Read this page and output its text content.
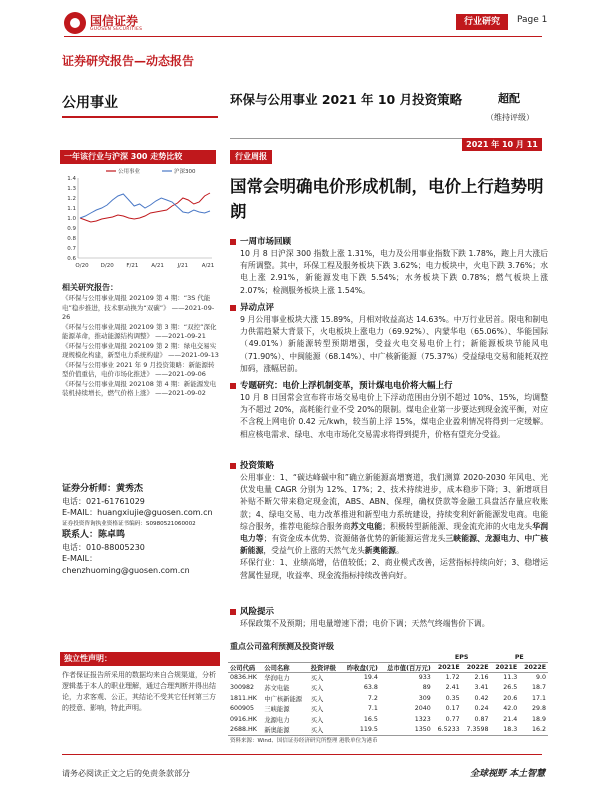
国信证券
GUOSEN SECURITIES
行业研究	Page 1
证券研究报告—动态报告
公用事业	环保与公用事业 2021 年 10 月投资策略	超配
（维持评级）
2021 年 10 月 11 日
一年该行业与沪深 300 走势比较
公用事业	沪深300
0.6
0.7
0.8
0.9
1.0
1.1
1.2
1.3
1.4
O/20 D/20 F/21 A/21 J/21 A/21
相关研究报告：
《环保与公用事业周报 202109 第 4 期：“3S 代能电”稳步推进，技术驱动换为“双碳”》 ——2021-09-26
《环保与公用事业周报 202109 第 3 期：“双控”深化能源革命，推动能源结构调整》 ——2021-09-21
《环保与公用事业周报 202109 第 2 期：绿电交易实现规模化构建，新型电力系统构建》 ——2021-09-13
《环保与公用事业 2021 年 9 月投资策略：新能源转型价值重估，电价市场化推进》 ——2021-09-06
《环保与公用事业周报 202108 第 4 期：新能源发电装机持续增长，燃气价格上涨》 ——2021-09-02
证券分析师：黄秀杰
电话：021-61761029
E-MAIL：huangxiujie@guosen.com.cn
证券投资咨询执业资格证书编码：S0980521060002
联系人：陈卓鸣
电话：010-88005230
E-MAIL：chenzhuoming@guosen.com.cn
独立性声明：
作者保证报告所采用的数据均来自合规渠道，分析逻辑基于本人的职业理解，通过合理判断并得出结论，力求客观、公正，其结论不受其它任何第三方的授意、影响，特此声明。
行业周报
国常会明确电价形成机制，电价上行趋势明朗
一周市场回顾
10 月 8 日沪深 300 指数上涨 1.31%，电力及公用事业指数下跌 1.78%，跑上月大涨后有所调整。其中，环保工程及服务板块下跌 3.62%；电力板块中，火电下跌 3.76%；水电上涨 2.91%，新能源发电下跌 5.54%；水务板块下跌 0.78%；燃气板块上涨 2.07%；检测服务板块上涨 1.54%。
异动点评
9 月公用事业板块大涨 15.89%，月相对收益高达 14.63%。中万行业居首。限电和制电力供需趋紧大背景下，火电板块上涨电力（69.92%）、内蒙华电（65.06%）、华能国际（49.01%）新能源转型预期增强，受益火电交易电价上行；新能源板块节能风电（71.90%）、中闽能源（68.14%）、中广核新能源（75.37%）受益绿电交易和能耗双控加码，涨幅居前。
专题研究：电价上浮机制变革，预计煤电电价将大幅上行
10 月 8 日国常会宣布将市场交易电价上下浮动范围由分别不超过 10%、15%，均调整为不超过 20%，高耗能行业不受 20%的限制。煤电企业第一步要达到现金流平衡，对应不含税上网电价 0.42 元/kwh，较当前上浮 15%，煤电企业盈利情况将得到一定缓解。相应核电需求、绿电、水电市场化交易需求将得到提升，价格有望充分受益。
投资策略
公用事业：1、“碳达峰碳中和”确立新能源高增赛道，我们测算 2020-2030 年风电、光伏发电量 CAGR 分别为 12%、17%；2、技术持续进步，成本稳步下降；3、新增项目补贴不断欠带来稳定现金流，ABS、ABN、保理，确权贷款等金融工具盘活存量应收账款；4、绿电交易、电力改革推进和新型电力系统建设，持续变利好新能源发电商。电能综合服务，推荐电能综合服务商苏文电能；积极转型新能源、现金流充沛的火电龙头华润电力等；有资金成本优势、资源储备优势的新能源运营龙头三峡能源、龙源电力、中广核新能源，受益气价上涨的天然气龙头新奥能源。
环保行业：1、业绩高增，估值较低；2、商业模式改善，运营指标持续向好；3、稳增运营属性显现，收益率、现金流指标持续改善向好。
风险提示
环保政策不及预期；用电量增速下滑；电价下调；天然气终端售价下调。
重点公司盈利预测及投资评级
					EPS		PE	
公司代码	公司名称	投资评级	昨收盘(元)	总市值(百万元)	2021E	2022E	2021E	2022E
0836.HK	华润电力	买入	19.4	933	1.72	2.16	11.3	9.0
300982	苏文电能	买入	63.8	89	2.41	3.41	26.5	18.7
1811.HK	中广核新能源	买入	7.2	309	0.35	0.42	20.6	17.1
600905	三峡能源	买入	7.1	2040	0.17	0.24	42.0	29.8
0916.HK	龙源电力	买入	16.5	1323	0.77	0.87	21.4	18.9
2688.HK	新奥能源	买入	119.5	1350	6.5233	7.3598	18.3	16.2
资料来源：Wind、国信证券经济研究所整理 港股单位为港币
请务必阅读正文之后的免责条款部分	全球视野 本土智慧
